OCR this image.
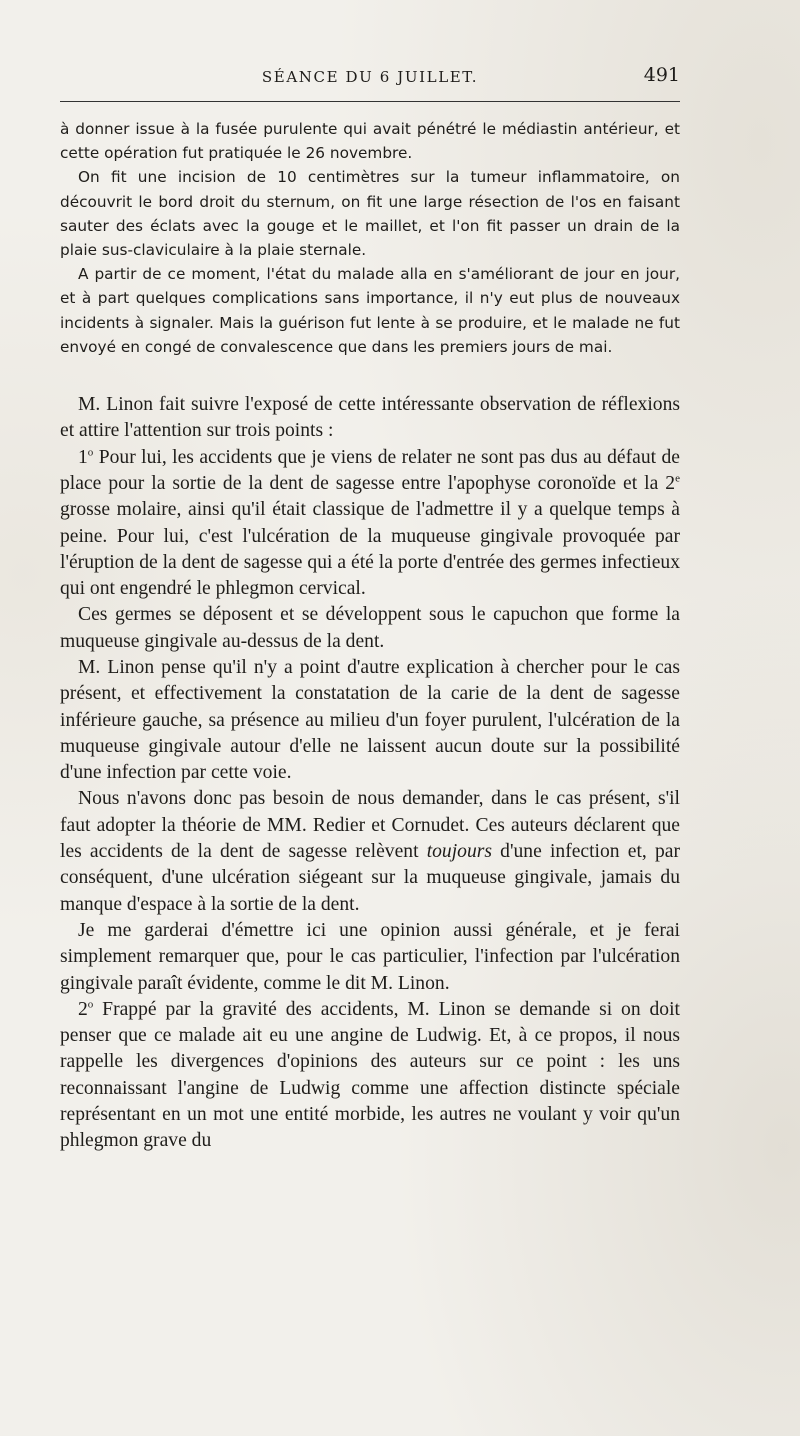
SÉANCE DU 6 JUILLET.	491

à donner issue à la fusée purulente qui avait pénétré le médiastin antérieur, et cette opération fut pratiquée le 26 novembre.

On fit une incision de 10 centimètres sur la tumeur inflammatoire, on découvrit le bord droit du sternum, on fit une large résection de l'os en faisant sauter des éclats avec la gouge et le maillet, et l'on fit passer un drain de la plaie sus-claviculaire à la plaie sternale.

A partir de ce moment, l'état du malade alla en s'améliorant de jour en jour, et à part quelques complications sans importance, il n'y eut plus de nouveaux incidents à signaler. Mais la guérison fut lente à se produire, et le malade ne fut envoyé en congé de convalescence que dans les premiers jours de mai.

M. Linon fait suivre l'exposé de cette intéressante observation de réflexions et attire l'attention sur trois points :

1$^o$ Pour lui, les accidents que je viens de relater ne sont pas dus au défaut de place pour la sortie de la dent de sagesse entre l'apophyse coronoïde et la 2e grosse molaire, ainsi qu'il était classique de l'admettre il y a quelque temps à peine. Pour lui, c'est l'ulcération de la muqueuse gingivale provoquée par l'éruption de la dent de sagesse qui a été la porte d'entrée des germes infectieux qui ont engendré le phlegmon cervical.

Ces germes se déposent et se développent sous le capuchon que forme la muqueuse gingivale au-dessus de la dent.

M. Linon pense qu'il n'y a point d'autre explication à chercher pour le cas présent, et effectivement la constatation de la carie de la dent de sagesse inférieure gauche, sa présence au milieu d'un foyer purulent, l'ulcération de la muqueuse gingivale autour d'elle ne laissent aucun doute sur la possibilité d'une infection par cette voie.

Nous n'avons donc pas besoin de nous demander, dans le cas présent, s'il faut adopter la théorie de MM. Redier et Cornudet. Ces auteurs déclarent que les accidents de la dent de sagesse relèvent toujours d'une infection et, par conséquent, d'une ulcération siégeant sur la muqueuse gingivale, jamais du manque d'espace à la sortie de la dent.

Je me garderai d'émettre ici une opinion aussi générale, et je ferai simplement remarquer que, pour le cas particulier, l'infection par l'ulcération gingivale paraît évidente, comme le dit M. Linon.

2$^o$ Frappé par la gravité des accidents, M. Linon se demande si on doit penser que ce malade ait eu une angine de Ludwig. Et, à ce propos, il nous rappelle les divergences d'opinions des auteurs sur ce point : les uns reconnaissant l'angine de Ludwig comme une affection distincte spéciale représentant en un mot une entité morbide, les autres ne voulant y voir qu'un phlegmon grave du
